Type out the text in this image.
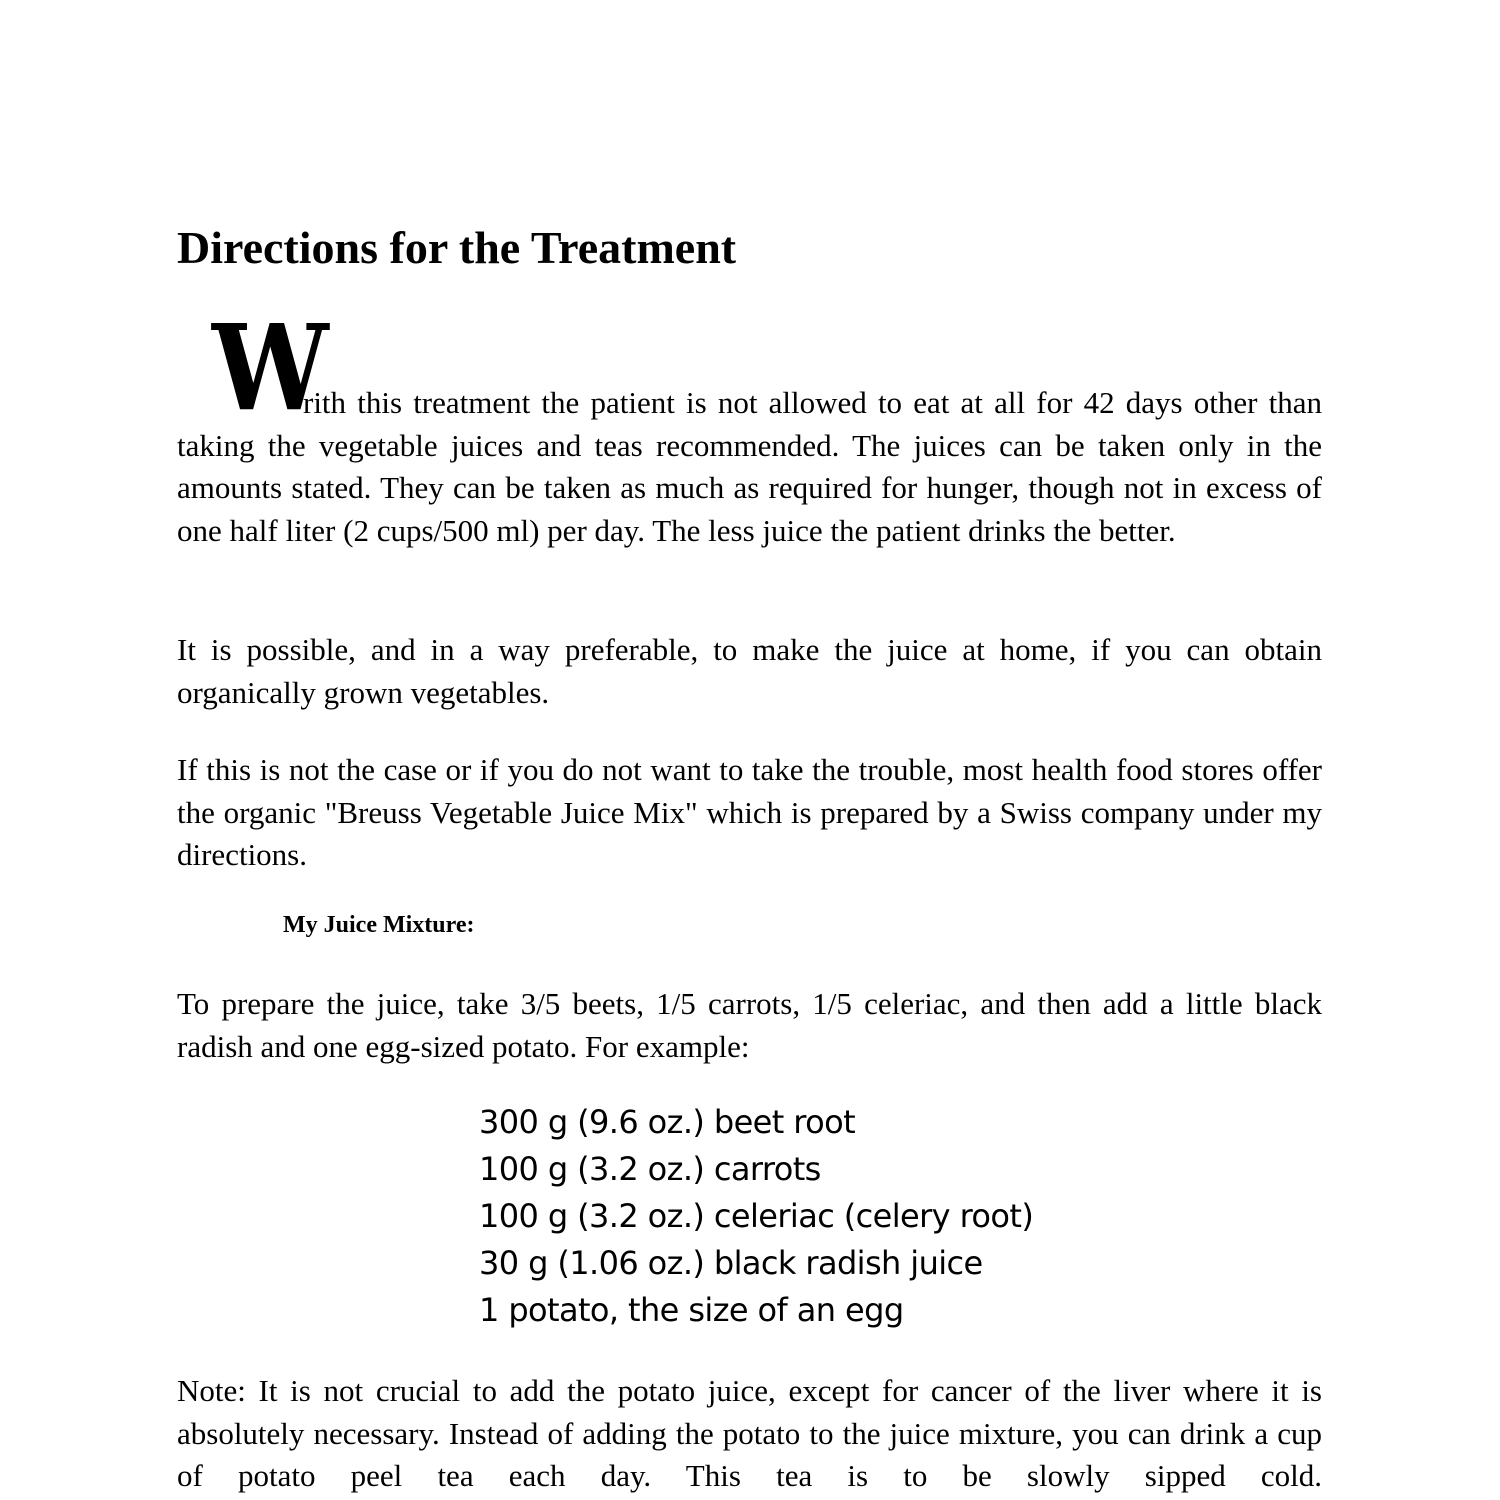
Directions for the Treatment
W
rith this treatment the patient is not allowed to eat at all for 42 days other than taking the vegetable juices and teas recommended. The juices can be taken only in the amounts stated. They can be taken as much as required for hunger, though not in excess of one half liter (2 cups/500 ml) per day. The less juice the patient drinks the better.
It is possible, and in a way preferable, to make the juice at home, if you can obtain organically grown vegetables.
If this is not the case or if you do not want to take the trouble, most health food stores offer the organic "Breuss Vegetable Juice Mix" which is prepared by a Swiss company under my directions.
My Juice Mixture:
To prepare the juice, take 3/5 beets, 1/5 carrots, 1/5 celeriac, and then add a little black radish and one egg-sized potato. For example:
300 g (9.6 oz.) beet root
100 g (3.2 oz.) carrots
100 g (3.2 oz.) celeriac (celery root)
30 g (1.06 oz.) black radish juice
1 potato, the size of an egg
Note: It is not crucial to add the potato juice, except for cancer of the liver where it is absolutely necessary. Instead of adding the potato to the juice mixture, you can drink a cup of potato peel tea each day. This tea is to be slowly sipped cold.
